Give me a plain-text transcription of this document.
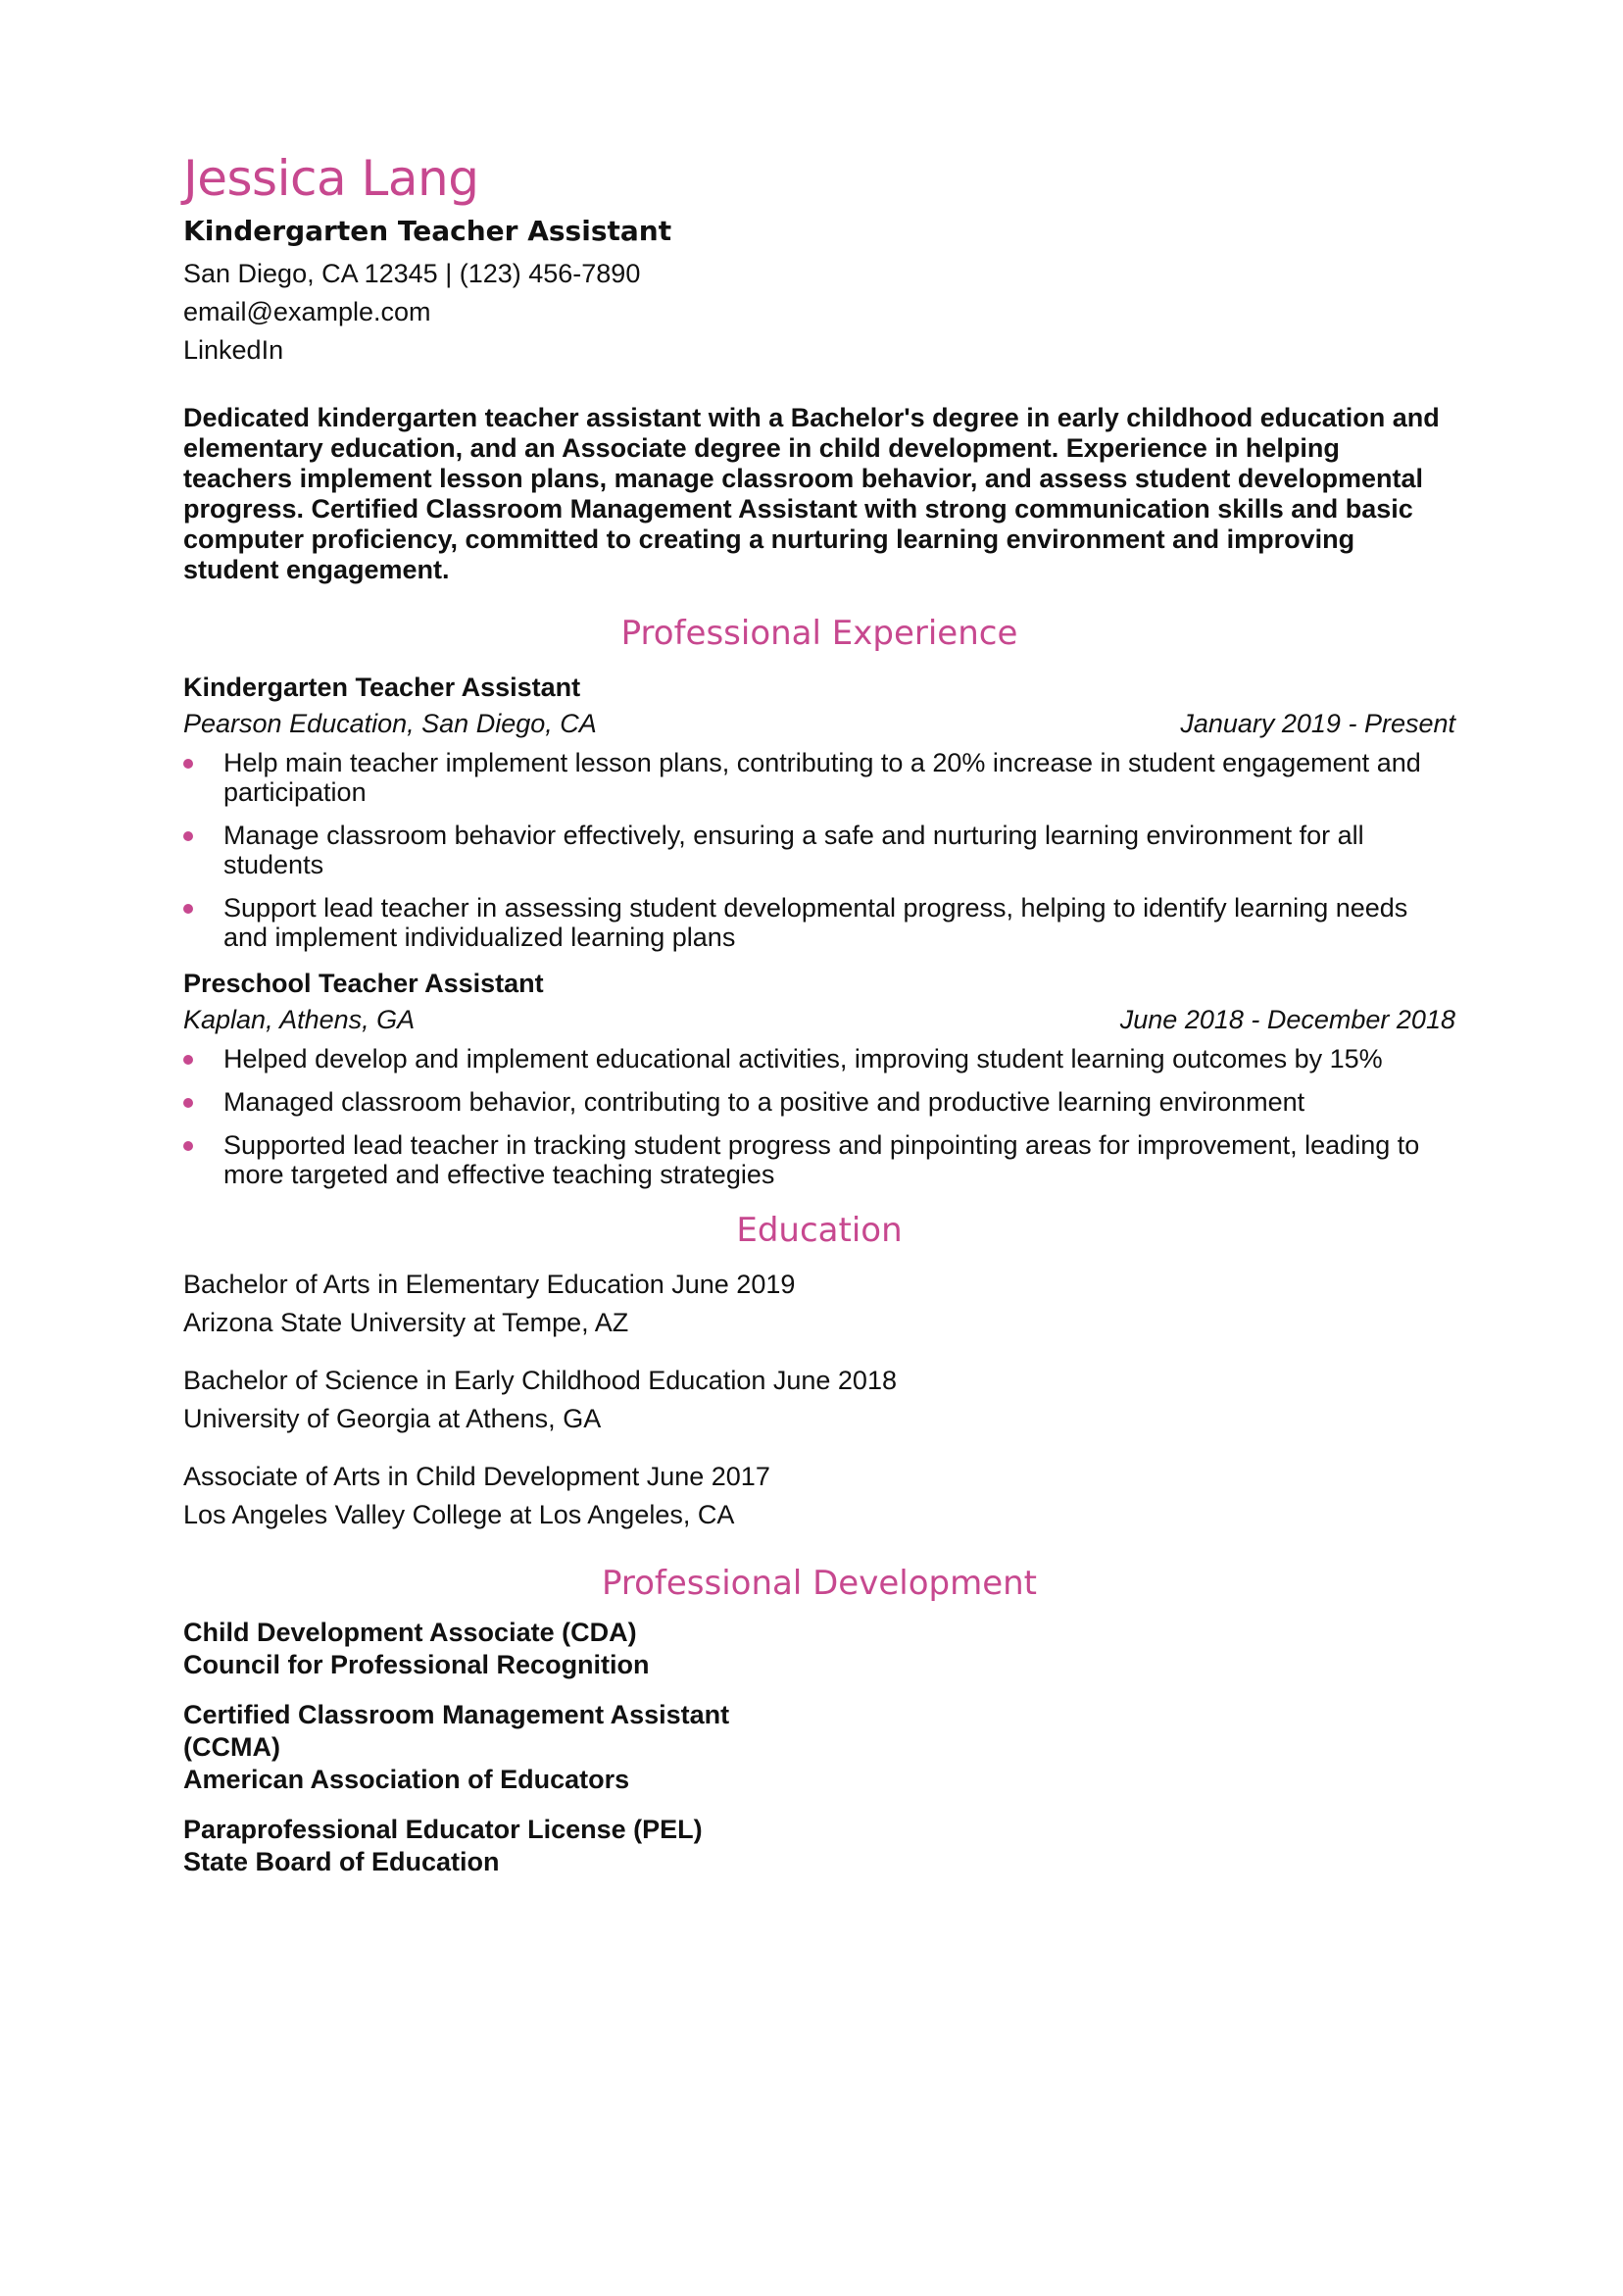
Jessica Lang
Kindergarten Teacher Assistant
San Diego, CA 12345 | (123) 456-7890
email@example.com
LinkedIn

Dedicated kindergarten teacher assistant with a Bachelor's degree in early childhood education and elementary education, and an Associate degree in child development. Experience in helping teachers implement lesson plans, manage classroom behavior, and assess student developmental progress. Certified Classroom Management Assistant with strong communication skills and basic computer proficiency, committed to creating a nurturing learning environment and improving student engagement.

Professional Experience
Kindergarten Teacher Assistant
Pearson Education, San Diego, CA	January 2019 - Present
Help main teacher implement lesson plans, contributing to a 20% increase in student engagement and participation
Manage classroom behavior effectively, ensuring a safe and nurturing learning environment for all students
Support lead teacher in assessing student developmental progress, helping to identify learning needs and implement individualized learning plans
Preschool Teacher Assistant
Kaplan, Athens, GA	June 2018 - December 2018
Helped develop and implement educational activities, improving student learning outcomes by 15%
Managed classroom behavior, contributing to a positive and productive learning environment
Supported lead teacher in tracking student progress and pinpointing areas for improvement, leading to more targeted and effective teaching strategies
Education
Bachelor of Arts in Elementary Education June 2019
Arizona State University at Tempe, AZ
Bachelor of Science in Early Childhood Education June 2018
University of Georgia at Athens, GA
Associate of Arts in Child Development June 2017
Los Angeles Valley College at Los Angeles, CA
Professional Development
Child Development Associate (CDA)
Council for Professional Recognition
Certified Classroom Management Assistant (CCMA)
American Association of Educators
Paraprofessional Educator License (PEL)
State Board of Education
